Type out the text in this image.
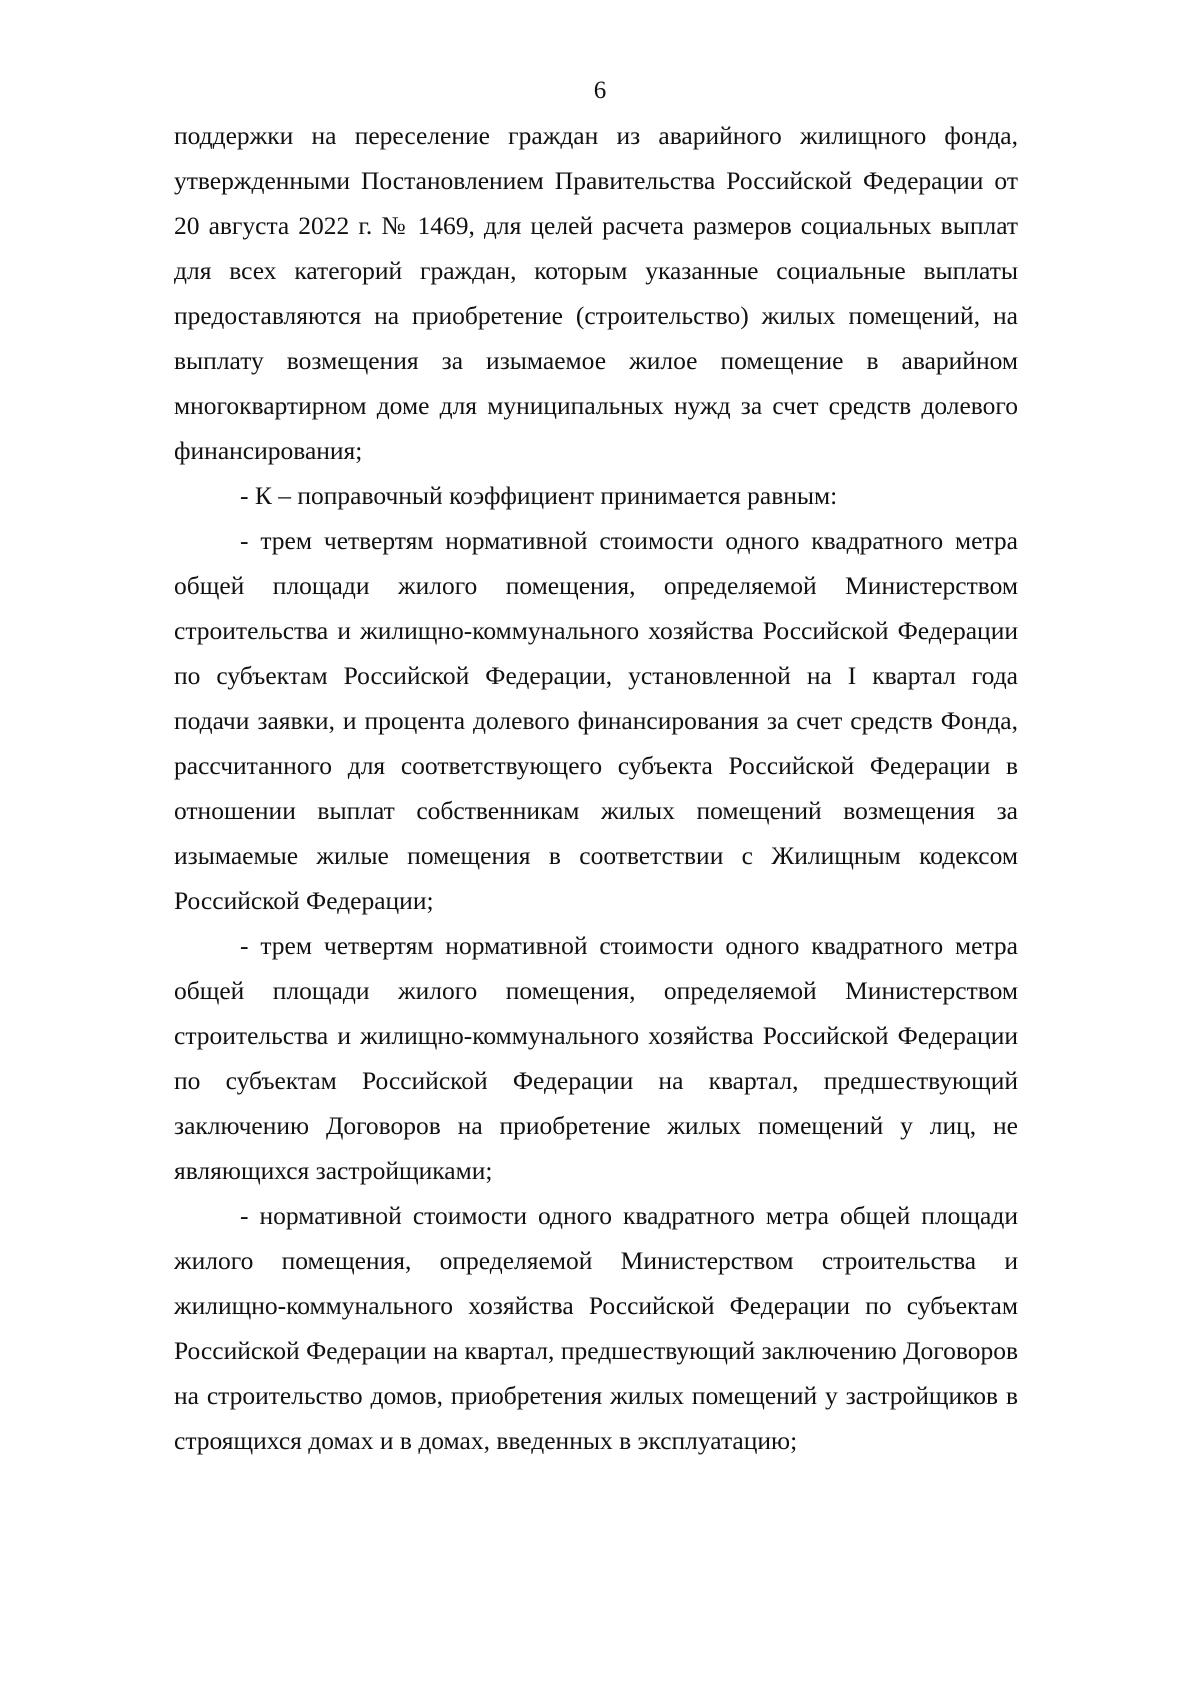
6

поддержки на переселение граждан из аварийного жилищного фонда, утвержденными Постановлением Правительства Российской Федерации от 20 августа 2022 г. № 1469, для целей расчета размеров социальных выплат для всех категорий граждан, которым указанные социальные выплаты предоставляются на приобретение (строительство) жилых помещений, на выплату возмещения за изымаемое жилое помещение в аварийном многоквартирном доме для муниципальных нужд за счет средств долевого финансирования;

- К – поправочный коэффициент принимается равным:

- трем четвертям нормативной стоимости одного квадратного метра общей площади жилого помещения, определяемой Министерством строительства и жилищно-коммунального хозяйства Российской Федерации по субъектам Российской Федерации, установленной на I квартал года подачи заявки, и процента долевого финансирования за счет средств Фонда, рассчитанного для соответствующего субъекта Российской Федерации в отношении выплат собственникам жилых помещений возмещения за изымаемые жилые помещения в соответствии с Жилищным кодексом Российской Федерации;

- трем четвертям нормативной стоимости одного квадратного метра общей площади жилого помещения, определяемой Министерством строительства и жилищно-коммунального хозяйства Российской Федерации по субъектам Российской Федерации на квартал, предшествующий заключению Договоров на приобретение жилых помещений у лиц, не являющихся застройщиками;

- нормативной стоимости одного квадратного метра общей площади жилого помещения, определяемой Министерством строительства и жилищно-коммунального хозяйства Российской Федерации по субъектам Российской Федерации на квартал, предшествующий заключению Договоров на строительство домов, приобретения жилых помещений у застройщиков в строящихся домах и в домах, введенных в эксплуатацию;
